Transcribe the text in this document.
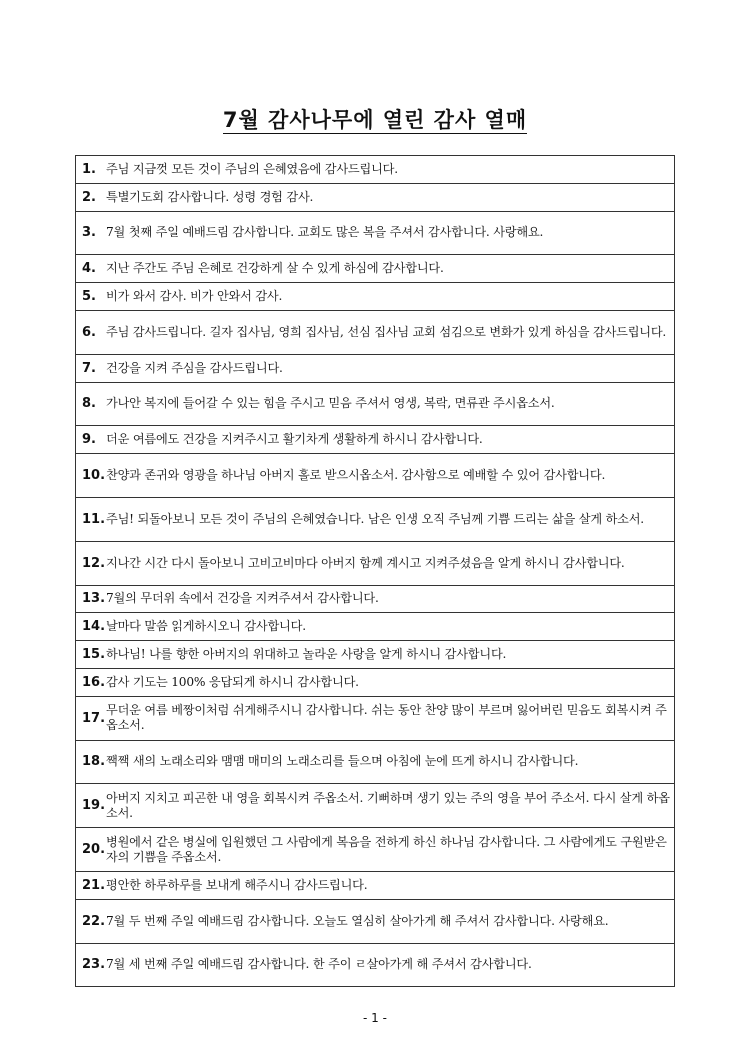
7월 감사나무에 열린 감사 열매
1. 주님 지금껏 모든 것이 주님의 은혜였음에 감사드립니다.

2. 특별기도회 감사합니다. 성령 경험 감사.

3. 7월 첫째 주일 예배드림 감사합니다. 교회도 많은 복을 주셔서 감사합니다. 사랑해요.

4. 지난 주간도 주님 은혜로 건강하게 살 수 있게 하심에 감사합니다.

5. 비가 와서 감사. 비가 안와서 감사.

6. 주님 감사드립니다. 길자 집사님, 영희 집사님, 선심 집사님 교회 섬김으로 변화가 있게 하심을 감사드립니다.

7. 건강을 지켜 주심을 감사드립니다.

8. 가나안 복지에 들어갈 수 있는 힘을 주시고 믿음 주셔서 영생, 복락, 면류관 주시옵소서.

9. 더운 여름에도 건강을 지켜주시고 활기차게 생활하게 하시니 감사합니다.

10. 찬양과 존귀와 영광을 하나님 아버지 홀로 받으시옵소서. 감사함으로 예배할 수 있어 감사합니다.

11. 주님! 되돌아보니 모든 것이 주님의 은혜였습니다. 남은 인생 오직 주님께 기쁨 드리는 삶을 살게 하소서.

12. 지나간 시간 다시 돌아보니 고비고비마다 아버지 함께 계시고 지켜주셨음을 알게 하시니 감사합니다.

13. 7월의 무더위 속에서 건강을 지켜주셔서 감사합니다.

14. 날마다 말씀 읽게하시오니 감사합니다.

15. 하나님! 나를 향한 아버지의 위대하고 놀라운 사랑을 알게 하시니 감사합니다.

16. 감사 기도는 100% 응답되게 하시니 감사합니다.

17.
무더운 여름 베짱이처럼 쉬게해주시니 감사합니다. 쉬는 동안 찬양 많이 부르며 잃어버린 믿음도 회복시켜 주옵소서.

18. 짹짹 새의 노래소리와 맴맴 매미의 노래소리를 들으며 아침에 눈에 뜨게 하시니 감사합니다.

19.
아버지 지치고 피곤한 내 영을 회복시켜 주옵소서. 기뻐하며 생기 있는 주의 영을 부어 주소서. 다시 살게 하옵소서.

20.
병원에서 같은 병실에 입원했던 그 사람에게 복음을 전하게 하신 하나님 감사합니다. 그 사람에게도 구원받은 자의 기쁨을 주옵소서.

21. 평안한 하루하루를 보내게 해주시니 감사드립니다.

22. 7월 두 번째 주일 예배드림 감사합니다. 오늘도 열심히 살아가게 해 주셔서 감사합니다. 사랑해요.

23. 7월 세 번째 주일 예배드림 감사합니다. 한 주이 ㄹ살아가게 해 주셔서 감사합니다.
- 1 -
